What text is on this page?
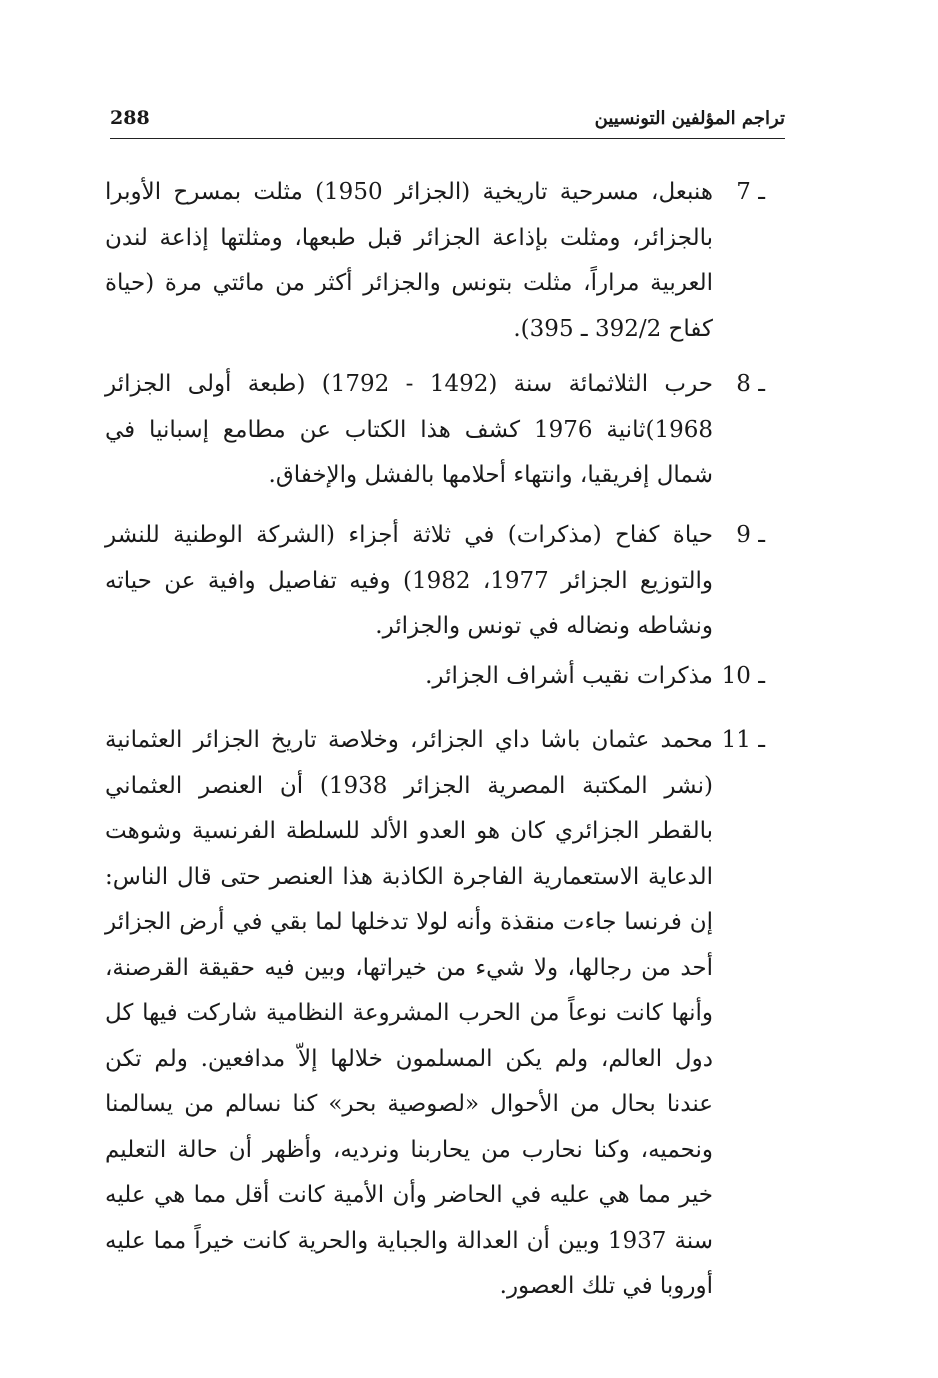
288	تراجم المؤلفين التونسيين
7 ـ
هنبعل، مسرحية تاريخية (الجزائر 1950) مثلت بمسرح الأوبرا بالجزائر، ومثلت بإذاعة الجزائر قبل طبعها، ومثلتها إذاعة لندن العربية مراراً، مثلت بتونس والجزائر أكثر من مائتي مرة (حياة كفاح 392/2 ـ 395).
8 ـ
حرب الثلاثمائة سنة (1492 - 1792) (طبعة أولى الجزائر 1968)ثانية 1976 كشف هذا الكتاب عن مطامع إسبانيا في شمال إفريقيا، وانتهاء أحلامها بالفشل والإخفاق.
9 ـ
حياة كفاح (مذكرات) في ثلاثة أجزاء (الشركة الوطنية للنشر والتوزيع الجزائر 1977، 1982) وفيه تفاصيل وافية عن حياته ونشاطه ونضاله في تونس والجزائر.
10 ـ
مذكرات نقيب أشراف الجزائر.
11 ـ
محمد عثمان باشا داي الجزائر، وخلاصة تاريخ الجزائر العثمانية (نشر المكتبة المصرية الجزائر 1938) أن العنصر العثماني بالقطر الجزائري كان هو العدو الألد للسلطة الفرنسية وشوهت الدعاية الاستعمارية الفاجرة الكاذبة هذا العنصر حتى قال الناس: إن فرنسا جاءت منقذة وأنه لولا تدخلها لما بقي في أرض الجزائر أحد من رجالها، ولا شيء من خيراتها، وبين فيه حقيقة القرصنة، وأنها كانت نوعاً من الحرب المشروعة النظامية شاركت فيها كل دول العالم، ولم يكن المسلمون خلالها إلاّ مدافعين. ولم تكن عندنا بحال من الأحوال «لصوصية بحر» كنا نسالم من يسالمنا ونحميه، وكنا نحارب من يحاربنا ونرديه، وأظهر أن حالة التعليم خير مما هي عليه في الحاضر وأن الأمية كانت أقل مما هي عليه سنة 1937 وبين أن العدالة والجباية والحرية كانت خيراً مما عليه أوروبا في تلك العصور.
